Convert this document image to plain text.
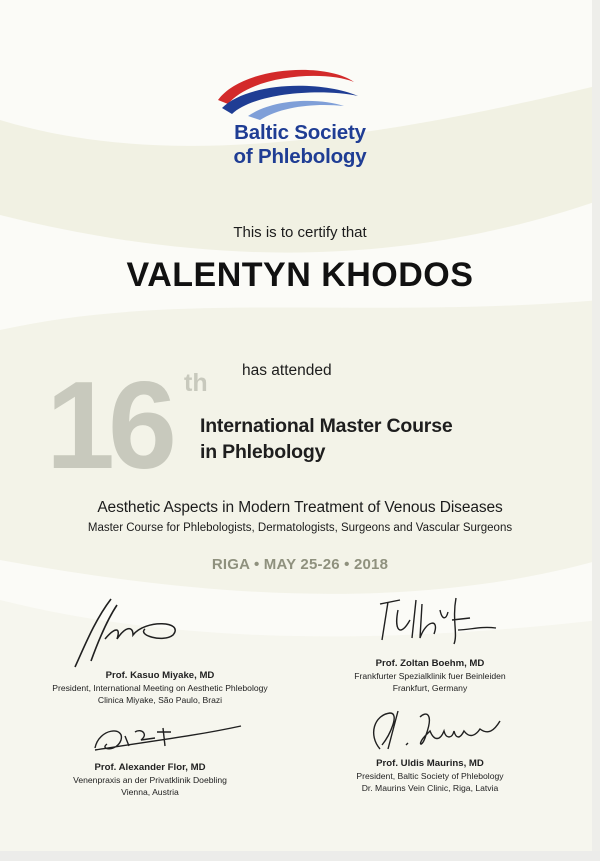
Baltic Society
of Phlebology
This is to certify that
VALENTYN KHODOS
has attended
16 th
International Master Course
in Phlebology
Aesthetic Aspects in Modern Treatment of Venous Diseases
Master Course for Phlebologists, Dermatologists, Surgeons and Vascular Surgeons
RIGA • MAY 25-26 • 2018
Prof. Kasuo Miyake, MD
President, International Meeting on Aesthetic Phlebology
Clinica Miyake, São Paulo, Brazi
Prof. Zoltan Boehm, MD
Frankfurter Spezialklinik fuer Beinleiden
Frankfurt, Germany
Prof. Alexander Flor, MD
Venenpraxis an der Privatklinik Doebling
Vienna, Austria
Prof. Uldis Maurins, MD
President, Baltic Society of Phlebology
Dr. Maurins Vein Clinic, Riga, Latvia
